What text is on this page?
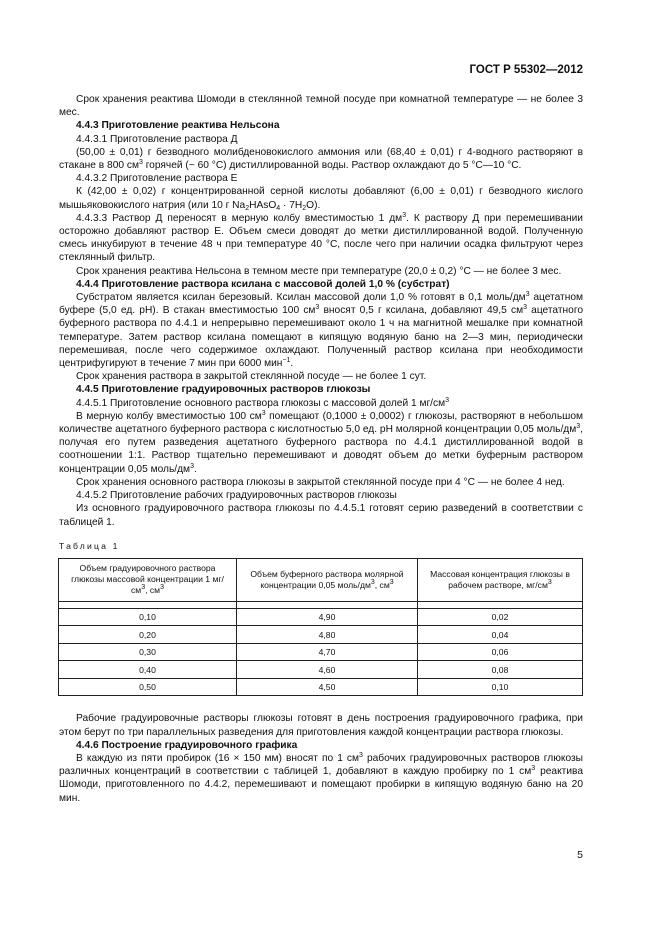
ГОСТ Р 55302—2012
Срок хранения реактива Шомоди в стеклянной темной посуде при комнатной температуре — не более 3 мес.
4.4.3 Приготовление реактива Нельсона
4.4.3.1 Приготовление раствора Д
(50,00 ± 0,01) г безводного молибденовокислого аммония или (68,40 ± 0,01) г 4-водного растворяют в стакане в 800 $см^3$ горячей (~ 60 °С) дистиллированной воды. Раствор охлаждают до 5 °С—10 °С.
4.4.3.2 Приготовление раствора Е
К (42,00 ± 0,02) г концентрированной серной кислоты добавляют (6,00 ± 0,01) г безводного кислого мышьяковокислого натрия (или 10 г $Na_2HAsO_4 \cdot 7H_2O$).
4.4.3.3 Раствор Д переносят в мерную колбу вместимостью 1 $дм^3$. К раствору Д при перемешивании осторожно добавляют раствор Е. Объем смеси доводят до метки дистиллированной водой. Полученную смесь инкубируют в течение 48 ч при температуре 40 °С, после чего при наличии осадка фильтруют через стеклянный фильтр.
Срок хранения реактива Нельсона в темном месте при температуре (20,0 ± 0,2) °С — не более 3 мес.
4.4.4 Приготовление раствора ксилана с массовой долей 1,0 % (субстрат)
Субстратом является ксилан березовый. Ксилан массовой доли 1,0 % готовят в 0,1 моль/$дм^3$ ацетатном буфере (5,0 ед. рН). В стакан вместимостью 100 $см^3$ вносят 0,5 г ксилана, добавляют 49,5 $см^3$ ацетатного буферного раствора по 4.4.1 и непрерывно перемешивают около 1 ч на магнитной мешалке при комнатной температуре. Затем раствор ксилана помещают в кипящую водяную баню на 2—3 мин, периодически перемешивая, после чего содержимое охлаждают. Полученный раствор ксилана при необходимости центрифугируют в течение 7 мин при 6000 мин$^{-1}$.
Срок хранения раствора в закрытой стеклянной посуде — не более 1 сут.
4.4.5 Приготовление градуировочных растворов глюкозы
4.4.5.1 Приготовление основного раствора глюкозы с массовой долей 1 $мг/см^3$
В мерную колбу вместимостью 100 $см^3$ помещают (0,1000 ± 0,0002) г глюкозы, растворяют в небольшом количестве ацетатного буферного раствора с кислотностью 5,0 ед. рН молярной концентрации 0,05 моль/$дм^3$, получая его путем разведения ацетатного буферного раствора по 4.4.1 дистиллированной водой в соотношении 1:1. Раствор тщательно перемешивают и доводят объем до метки буферным раствором концентрации 0,05 моль/$дм^3$.
Срок хранения основного раствора глюкозы в закрытой стеклянной посуде при 4 °С — не более 4 нед.
4.4.5.2 Приготовление рабочих градуировочных растворов глюкозы
Из основного градуировочного раствора глюкозы по 4.4.5.1 готовят серию разведений в соответствии с таблицей 1.
Таблица 1
Объем градуировочного раствора глюкозы массовой концентрации 1 $мг/см^3$, $см^3$	Объем буферного раствора молярной концентрации 0,05 моль/$дм^3$, $см^3$	Массовая концентрация глюкозы в рабочем растворе, $мг/см^3$

0,10	4,90	0,02
0,20	4,80	0,04
0,30	4,70	0,06
0,40	4,60	0,08
0,50	4,50	0,10
Рабочие градуировочные растворы глюкозы готовят в день построения градуировочного графика, при этом берут по три параллельных разведения для приготовления каждой концентрации раствора глюкозы.
4.4.6 Построение градуировочного графика
В каждую из пяти пробирок (16 × 150 мм) вносят по 1 $см^3$ рабочих градуировочных растворов глюкозы различных концентраций в соответствии с таблицей 1, добавляют в каждую пробирку по 1 $см^3$ реактива Шомоди, приготовленного по 4.4.2, перемешивают и помещают пробирки в кипящую водяную баню на 20 мин.
5
